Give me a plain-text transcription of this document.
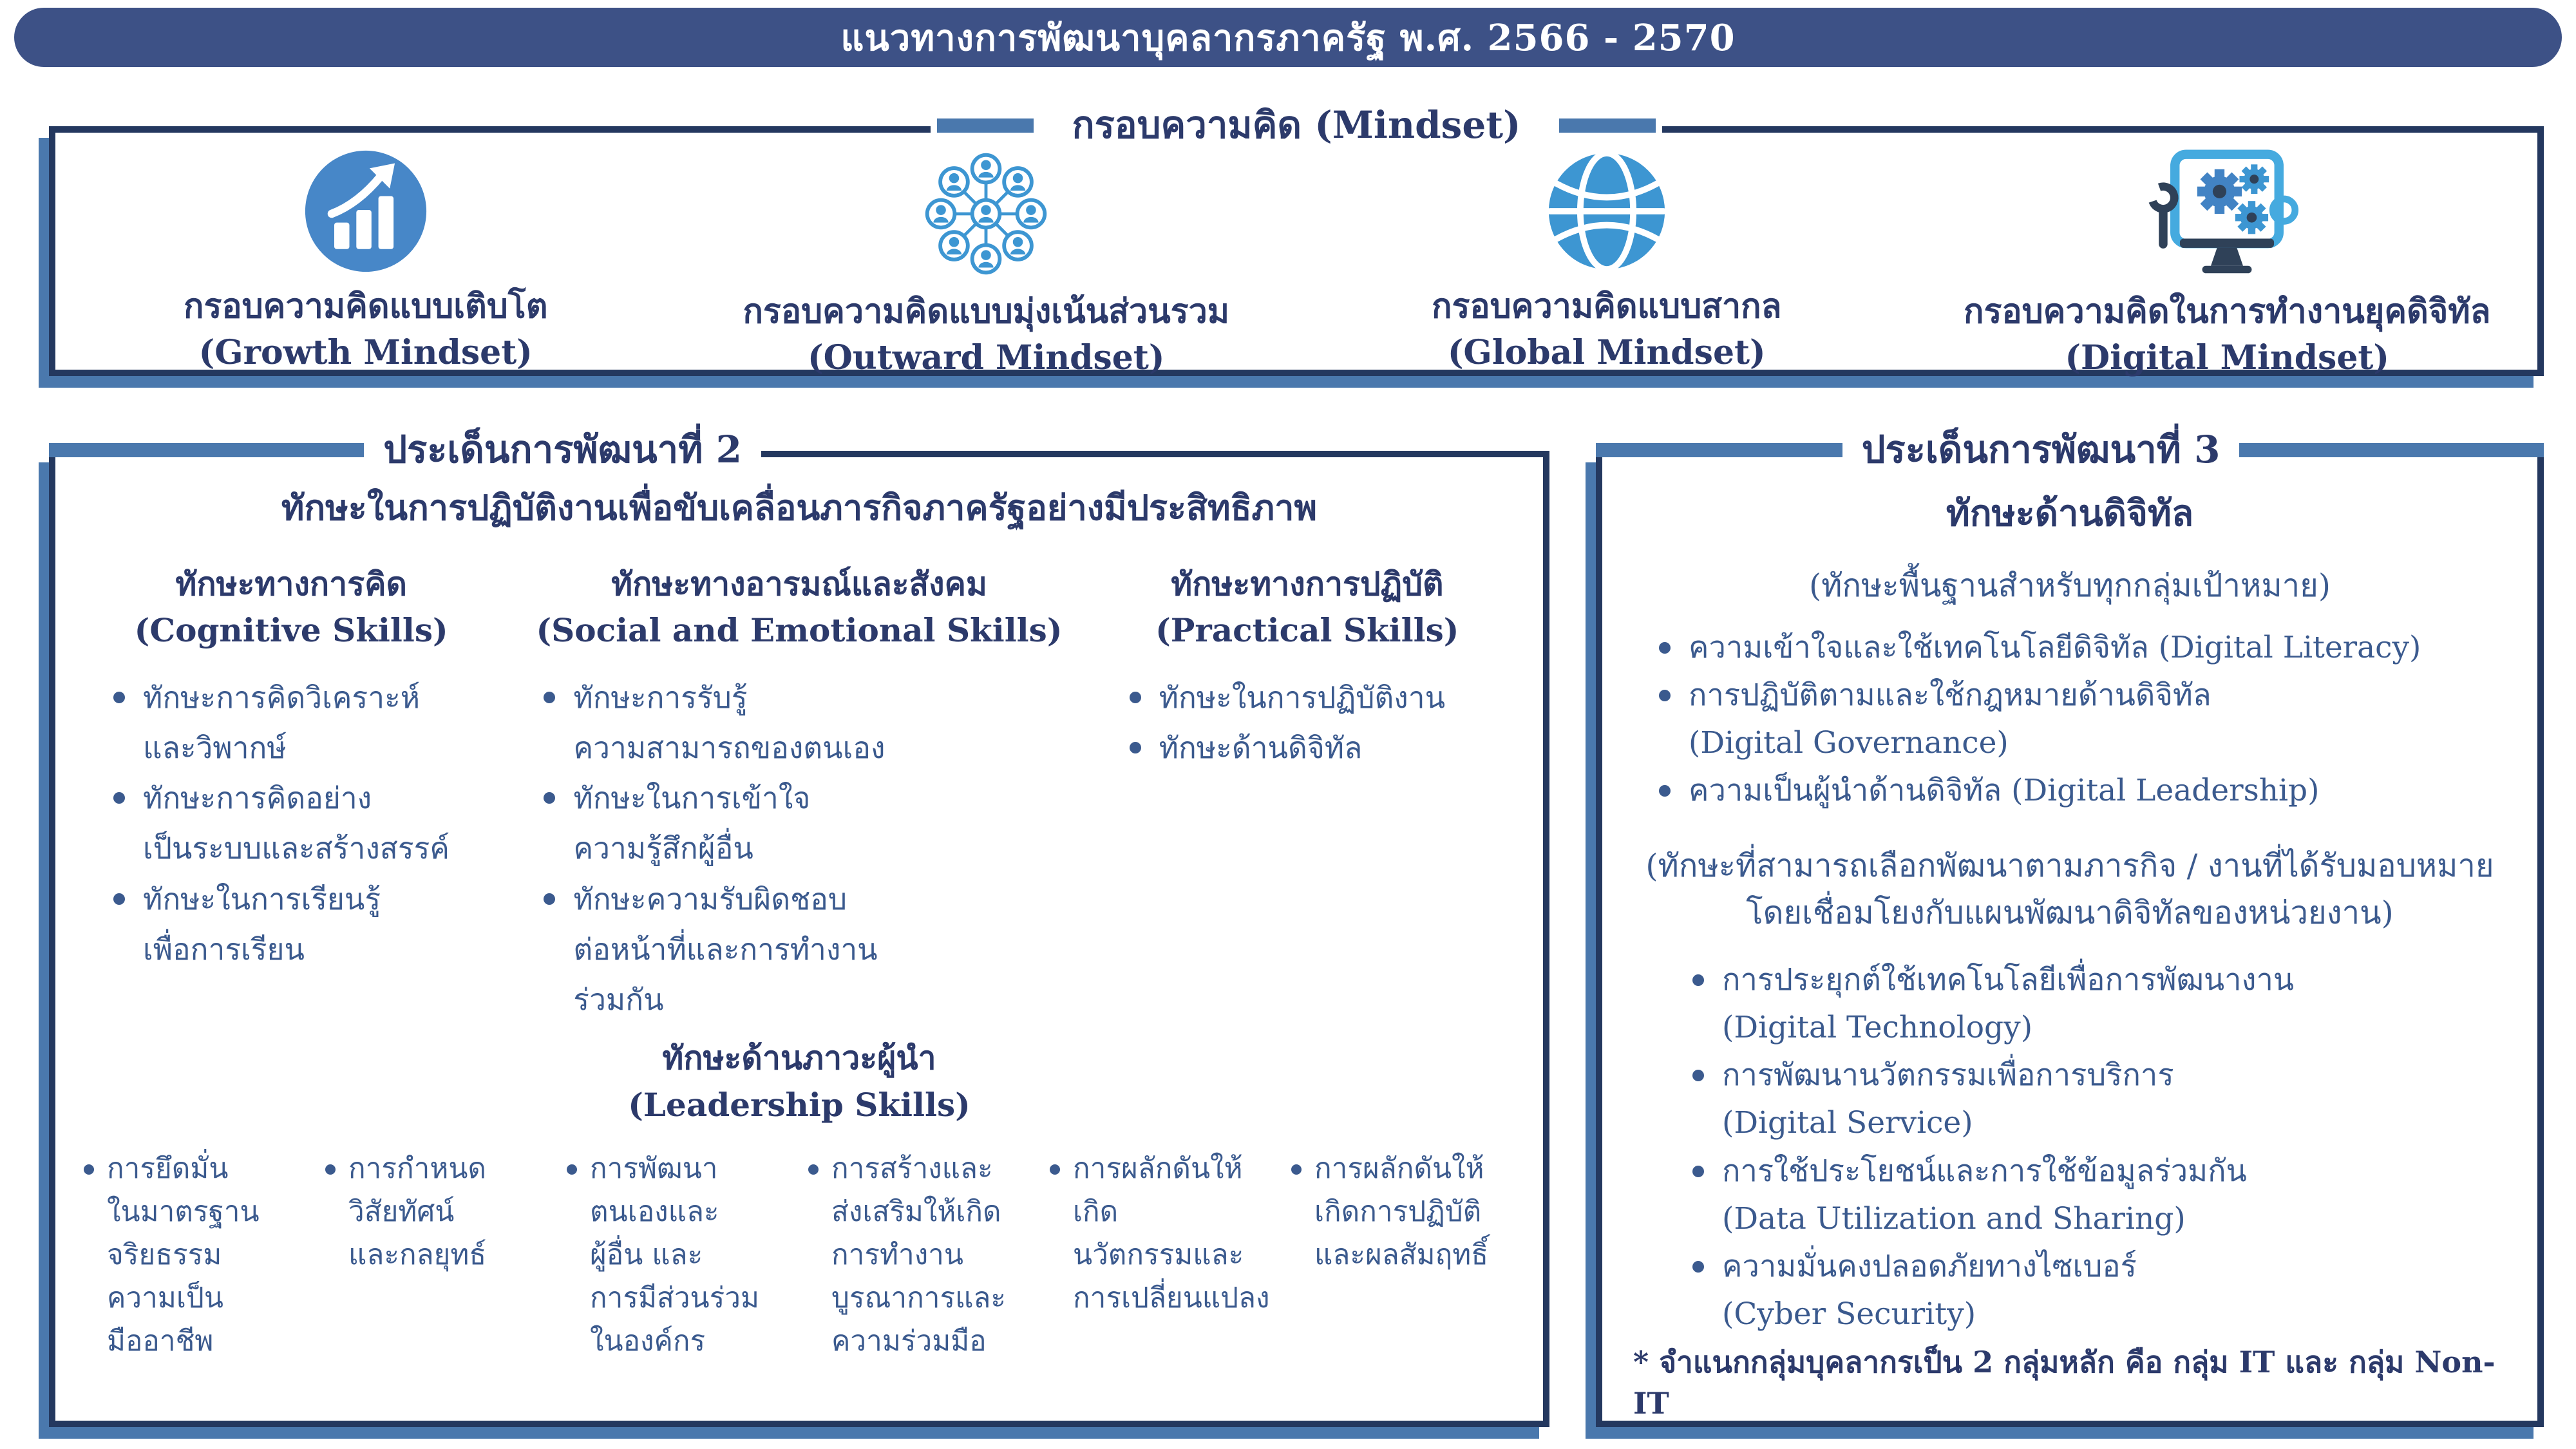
แนวทางการพัฒนาบุคลากรภาครัฐ พ.ศ. 2566 - 2570
กรอบความคิด (Mindset)
กรอบความคิดแบบเติบโต
(Growth Mindset)
กรอบความคิดแบบมุ่งเน้นส่วนรวม
(Outward Mindset)
กรอบความคิดแบบสากล
(Global Mindset)
กรอบความคิดในการทำงานยุคดิจิทัล
(Digital Mindset)
ประเด็นการพัฒนาที่ 2
ทักษะในการปฏิบัติงานเพื่อขับเคลื่อนภารกิจภาครัฐอย่างมีประสิทธิภาพ
ทักษะทางการคิด
(Cognitive Skills)
ทักษะการคิดวิเคราะห์
และวิพากษ์
ทักษะการคิดอย่าง
เป็นระบบและสร้างสรรค์
ทักษะในการเรียนรู้
เพื่อการเรียน
ทักษะทางอารมณ์และสังคม
(Social and Emotional Skills)
ทักษะการรับรู้
ความสามารถของตนเอง
ทักษะในการเข้าใจ
ความรู้สึกผู้อื่น
ทักษะความรับผิดชอบ
ต่อหน้าที่และการทำงาน
ร่วมกัน
ทักษะทางการปฏิบัติ
(Practical Skills)
ทักษะในการปฏิบัติงาน
ทักษะด้านดิจิทัล
ทักษะด้านภาวะผู้นำ
(Leadership Skills)
การยึดมั่น
ในมาตรฐาน
จริยธรรม
ความเป็น
มืออาชีพ
การกำหนด
วิสัยทัศน์
และกลยุทธ์
การพัฒนา
ตนเองและ
ผู้อื่น และ
การมีส่วนร่วม
ในองค์กร
การสร้างและ
ส่งเสริมให้เกิด
การทำงาน
บูรณาการและ
ความร่วมมือ
การผลักดันให้เกิด
นวัตกรรมและ
การเปลี่ยนแปลง
การผลักดันให้
เกิดการปฏิบัติ
และผลสัมฤทธิ์
ประเด็นการพัฒนาที่ 3
ทักษะด้านดิจิทัล
(ทักษะพื้นฐานสำหรับทุกกลุ่มเป้าหมาย)
ความเข้าใจและใช้เทคโนโลยีดิจิทัล (Digital Literacy)
การปฏิบัติตามและใช้กฎหมายด้านดิจิทัล
(Digital Governance)
ความเป็นผู้นำด้านดิจิทัล (Digital Leadership)
(ทักษะที่สามารถเลือกพัฒนาตามภารกิจ / งานที่ได้รับมอบหมาย
โดยเชื่อมโยงกับแผนพัฒนาดิจิทัลของหน่วยงาน)
การประยุกต์ใช้เทคโนโลยีเพื่อการพัฒนางาน
(Digital Technology)
การพัฒนานวัตกรรมเพื่อการบริการ
(Digital Service)
การใช้ประโยชน์และการใช้ข้อมูลร่วมกัน
(Data Utilization and Sharing)
ความมั่นคงปลอดภัยทางไซเบอร์
(Cyber Security)
* จำแนกกลุ่มบุคลากรเป็น 2 กลุ่มหลัก คือ กลุ่ม IT และ กลุ่ม Non-IT
